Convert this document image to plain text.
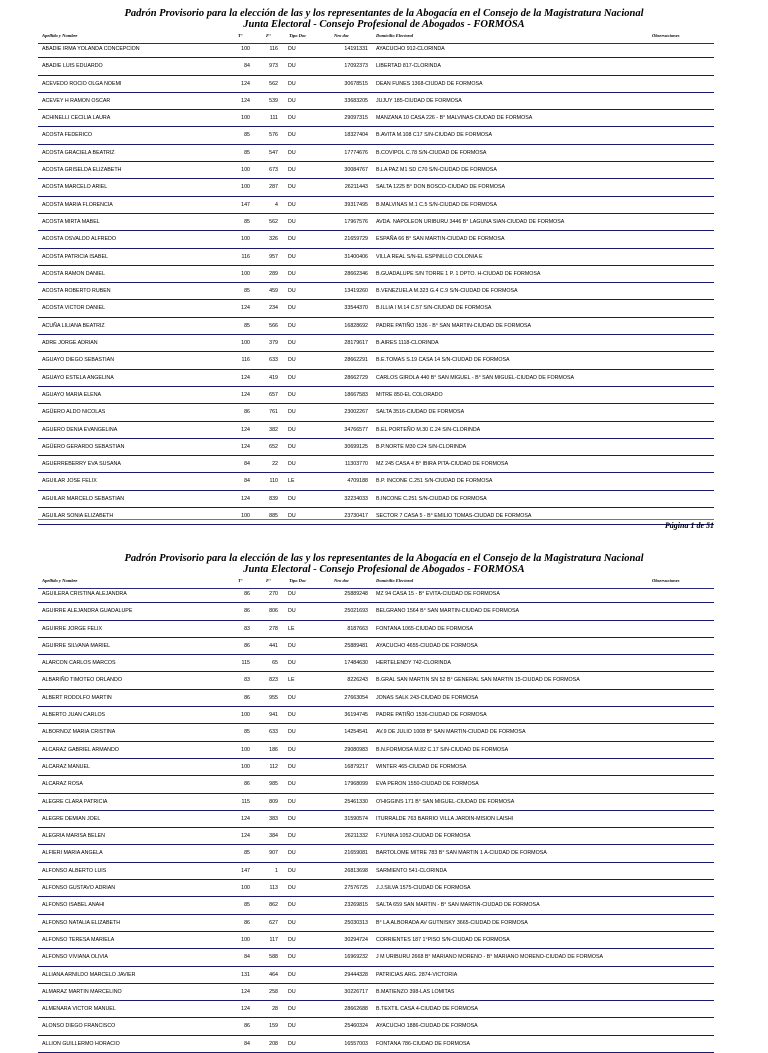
Padrón Provisorio para la elección de las y los representantes de la Abogacía en el Consejo de la Magistratura Nacional
Junta Electoral - Consejo Profesional de Abogados - FORMOSA
Apellido y Nombre	T°	F°	Tipo Doc	Nro doc	Domicilio Electoral	Observaciones
ABADIE IRMA YOLANDA CONCEPCION	100	116 DU	14191331 AYACUCHO 912-CLORINDA
ABADIE LUIS EDUARDO	84	973 DU	17092373 LIBERTAD 817-CLORINDA
ACEVEDO ROCIO OLGA NOEMI	124	562 DU	30678515 DEAN FUNES 1368-CIUDAD DE FORMOSA
ACEVEY H RAMON OSCAR	124	539 DU	33683205 JUJUY 185-CIUDAD DE FORMOSA
ACHINELLI CECILIA LAURA	100	111 DU	29097315 MANZANA 10 CASA 226 - B° MALVINAS-CIUDAD DE FORMOSA
ACOSTA FEDERICO	85	576 DU	18327404 B.AVITA M.108 C17 S/N-CIUDAD DE FORMOSA
ACOSTA GRACIELA BEATRIZ	85	547 DU	17774676 B.COVIPOL C.78 S/N-CIUDAD DE FORMOSA
ACOSTA GRISELDA ELIZABETH	100	673 DU	30084767 B.LA PAZ M1 SD C70 S/N-CIUDAD DE FORMOSA
ACOSTA MARCELO ARIEL	100	287 DU	26211443 SALTA 1225 B° DON BOSCO-CIUDAD DE FORMOSA
ACOSTA MARIA FLORENCIA	147	4 DU	39317495 B.MALVINAS M.1 C.5 S/N-CIUDAD DE FORMOSA
ACOSTA MIRTA MABEL	85	562 DU	17967576 AVDA. NAPOLEON URIBURU 3446 B° LAGUNA SIAN-CIUDAD DE FORMOSA
ACOSTA OSVALDO ALFREDO	100	326 DU	21659729 ESPAÑA 66 B° SAN MARTIN-CIUDAD DE FORMOSA
ACOSTA PATRICIA ISABEL	116	957 DU	31400406 VILLA REAL S/N-EL ESPINILLO COLONIA E
ACOSTA RAMON DANIEL	100	289 DU	28662346 B.GUADALUPE S/N TORRE 1 P. 1 DPTO. H-CIUDAD DE FORMOSA
ACOSTA ROBERTO RUBEN	85	459 DU	13419260 B.VENEZUELA M.323 G.4 C.9 S/N-CIUDAD DE FORMOSA
ACOSTA VICTOR DANIEL	124	234 DU	33544370 B.ILLIA I M.14 C.57 S/N-CIUDAD DE FORMOSA
ACUÑA LILIANA BEATRIZ	85	566 DU	16828692 PADRE PATIÑO 1536 - B° SAN MARTIN-CIUDAD DE FORMOSA
ADRE JORGE ADRIAN	100	379 DU	28179617 B.AIRES 1118-CLORINDA
AGUAYO DIEGO SEBASTIAN	116	633 DU	28662291 B.E.TOMAS S.19 CASA 14 S/N-CIUDAD DE FORMOSA
AGUAYO ESTELA ANGELINA	124	419 DU	28662729 CARLOS GIROLA 440 B° SAN MIGUEL - B° SAN MIGUEL-CIUDAD DE FORMOSA
AGUAYO MARIA ELENA	124	657 DU	18667583 MITRE 850-EL COLORADO
AGÜERO ALDO NICOLAS	86	761 DU	23002267 SALTA 3516-CIUDAD DE FORMOSA
AGUERO DENIA EVANGELINA	124	382 DU	34766577 B.EL PORTEÑO M.30 C.24 S/N-CLORINDA
AGÜERO GERARDO SEBASTIAN	124	652 DU	30699125 B.P.NORTE M30 C24 S/N-CLORINDA
AGUERREBERRY EVA SUSANA	84	22 DU	11303770 MZ 245 CASA 4 B° IBIRA PITA-CIUDAD DE FORMOSA
AGUILAR JOSE FELIX	84	110 LE	4709188 B.P. INCONE C.251 S/N-CIUDAD DE FORMOSA
AGUILAR MARCELO SEBASTIAN	124	839 DU	32234033 B.INCONE C.251 S/N-CIUDAD DE FORMOSA
AGUILAR SONIA ELIZABETH	100	885 DU	23730417 SECTOR 7 CASA 5 - B° EMILIO TOMAS-CIUDAD DE FORMOSA
Página 1 de 51
Padrón Provisorio para la elección de las y los representantes de la Abogacía en el Consejo de la Magistratura Nacional
Junta Electoral - Consejo Profesional de Abogados - FORMOSA
Apellido y Nombre	T°	F°	Tipo Doc	Nro doc	Domicilio Electoral	Observaciones
AGUILERA CRISTINA ALEJANDRA	86	270 DU	25889248 MZ 94 CASA 15 - B° EVITA-CIUDAD DE FORMOSA
AGUIRRE ALEJANDRA GUADALUPE	86	806 DU	25021693 BELGRANO 1564 B° SAN MARTIN-CIUDAD DE FORMOSA
AGUIRRE JORGE FELIX	83	278 LE	8187663 FONTANA 1065-CIUDAD DE FORMOSA
AGUIRRE SILVANA MARIEL	86	441 DU	25889481 AYACUCHO 4655-CIUDAD DE FORMOSA
ALARCON CARLOS MARCOS	115	65 DU	17484630 HERTELENDY 742-CLORINDA
ALBARIÑO TIMOTEO ORLANDO	83	823 LE	8226243 B.GRAL SAN MARTIN SN 52 B° GENERAL SAN MARTIN 15-CIUDAD DE FORMOSA
ALBERT RODOLFO MARTIN	86	955 DU	27663054 JONAS SALK 243-CIUDAD DE FORMOSA
ALBERTO JUAN CARLOS	100	941 DU	36194745 PADRE PATIÑO 1536-CIUDAD DE FORMOSA
ALBORNOZ MARIA CRISTINA	85	633 DU	14254541 AV.9 DE JULIO 1008 B° SAN MARTIN-CIUDAD DE FORMOSA
ALCARAZ GABRIEL ARMANDO	100	186 DU	29080983 B.N.FORMOSA M.82 C.17 S/N-CIUDAD DE FORMOSA
ALCARAZ MANUEL	100	112 DU	16879217 WINTER 465-CIUDAD DE FORMOSA
ALCARAZ ROSA	86	985 DU	17968099 EVA PERON 1550-CIUDAD DE FORMOSA
ALEGRE CLARA PATRICIA	115	809 DU	25461330 O'HIGGINS 171 B° SAN MIGUEL-CIUDAD DE FORMOSA
ALEGRE DEMIAN JOEL	124	383 DU	31590574 ITURRALDE 763 BARRIO VILLA JARDIN-MISION LAISHI
ALEGRIA MARISA BELEN	124	384 DU	26211332 F.YUNKA 1052-CIUDAD DE FORMOSA
ALFIERI MARIA ANGELA	85	907 DU	21659081 BARTOLOME MITRE 783 B° SAN MARTIN 1 A-CIUDAD DE FORMOSA
ALFONSO ALBERTO LUIS	147	1 DU	26813698 SARMIENTO 541-CLORINDA
ALFONSO GUSTAVO ADRIAN	100	113 DU	27576725 J.J.SILVA 1575-CIUDAD DE FORMOSA
ALFONSO ISABEL ANAHI	85	862 DU	23269815 SALTA 659 SAN MARTIN - B° SAN MARTIN-CIUDAD DE FORMOSA
ALFONSO NATALIA ELIZABETH	86	627 DU	25030313 B° LA ALBORADA AV GUTNISKY 3665-CIUDAD DE FORMOSA
ALFONSO TERESA MARIELA	100	117 DU	30294724 CORRIENTES 187 1°PISO S/N-CIUDAD DE FORMOSA
ALFONSO VIVIANA OLIVIA	84	588 DU	16969232 J M URIBURU 2668 B° MARIANO MORENO - B° MARIANO MORENO-CIUDAD DE FORMOSA
ALLIANA ARNILDO MARCELO JAVIER	131	464 DU	29444328 PATRICIAS ARG. 2874-VICTORIA
ALMARAZ MARTIN MARCELINO	124	258 DU	30226717 B.MATIENZO 398-LAS LOMITAS
ALMENARA VICTOR MANUEL	124	28 DU	28662688 B.TEXTIL CASA 4-CIUDAD DE FORMOSA
ALONSO DIEGO FRANCISCO	86	159 DU	25460324 AYACUCHO 1886-CIUDAD DE FORMOSA
ALLION GUILLERMO HORACIO	84	208 DU	16557003 FONTANA 786-CIUDAD DE FORMOSA
